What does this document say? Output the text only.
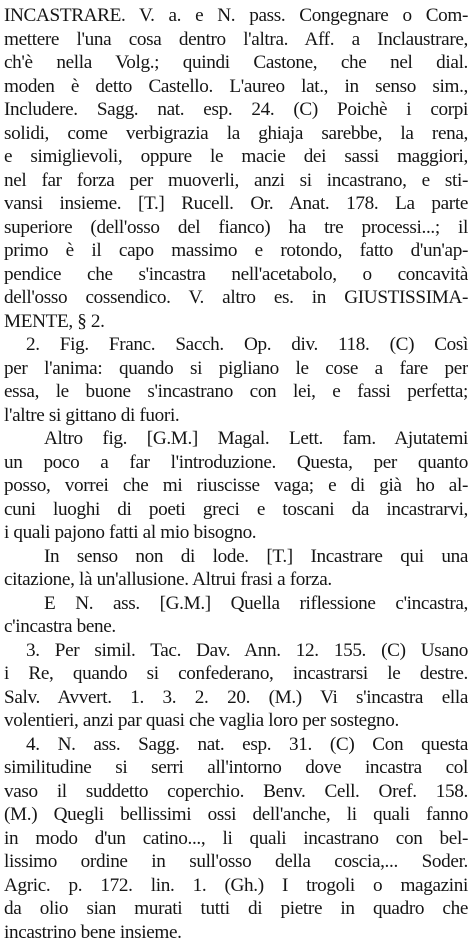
INCASTRARE. V. a. e N. pass. Congegnare o Com-
mettere l'una cosa dentro l'altra. Aff. a Inclaustrare,
ch'è nella Volg.; quindi Castone, che nel dial.
moden è detto Castello. L'aureo lat., in senso sim.,
Includere. Sagg. nat. esp. 24. (C) Poichè i corpi
solidi, come verbigrazia la ghiaja sarebbe, la rena,
e simiglievoli, oppure le macie dei sassi maggiori,
nel far forza per muoverli, anzi si incastrano, e sti-
vansi insieme. [T.] Rucell. Or. Anat. 178. La parte
superiore (dell'osso del fianco) ha tre processi...; il
primo è il capo massimo e rotondo, fatto d'un'ap-
pendice che s'incastra nell'acetabolo, o concavità
dell'osso cossendico. V. altro es. in GIUSTISSIMA-
MENTE, § 2.
2. Fig. Franc. Sacch. Op. div. 118. (C) Così
per l'anima: quando si pigliano le cose a fare per
essa, le buone s'incastrano con lei, e fassi perfetta;
l'altre si gittano di fuori.
Altro fig. [G.M.] Magal. Lett. fam. Ajutatemi
un poco a far l'introduzione. Questa, per quanto
posso, vorrei che mi riuscisse vaga; e di già ho al-
cuni luoghi di poeti greci e toscani da incastrarvi,
i quali pajono fatti al mio bisogno.
In senso non di lode. [T.] Incastrare qui una
citazione, là un'allusione. Altrui frasi a forza.
E N. ass. [G.M.] Quella riflessione c'incastra,
c'incastra bene.
3. Per simil. Tac. Dav. Ann. 12. 155. (C) Usano
i Re, quando si confederano, incastrarsi le destre.
Salv. Avvert. 1. 3. 2. 20. (M.) Vi s'incastra ella
volentieri, anzi par quasi che vaglia loro per sostegno.
4. N. ass. Sagg. nat. esp. 31. (C) Con questa
similitudine si serri all'intorno dove incastra col
vaso il suddetto coperchio. Benv. Cell. Oref. 158.
(M.) Quegli bellissimi ossi dell'anche, li quali fanno
in modo d'un catino..., li quali incastrano con bel-
lissimo ordine in sull'osso della coscia,... Soder.
Agric. p. 172. lin. 1. (Gh.) I trogoli o magazini
da olio sian murati tutti di pietre in quadro che
incastrino bene insieme.
